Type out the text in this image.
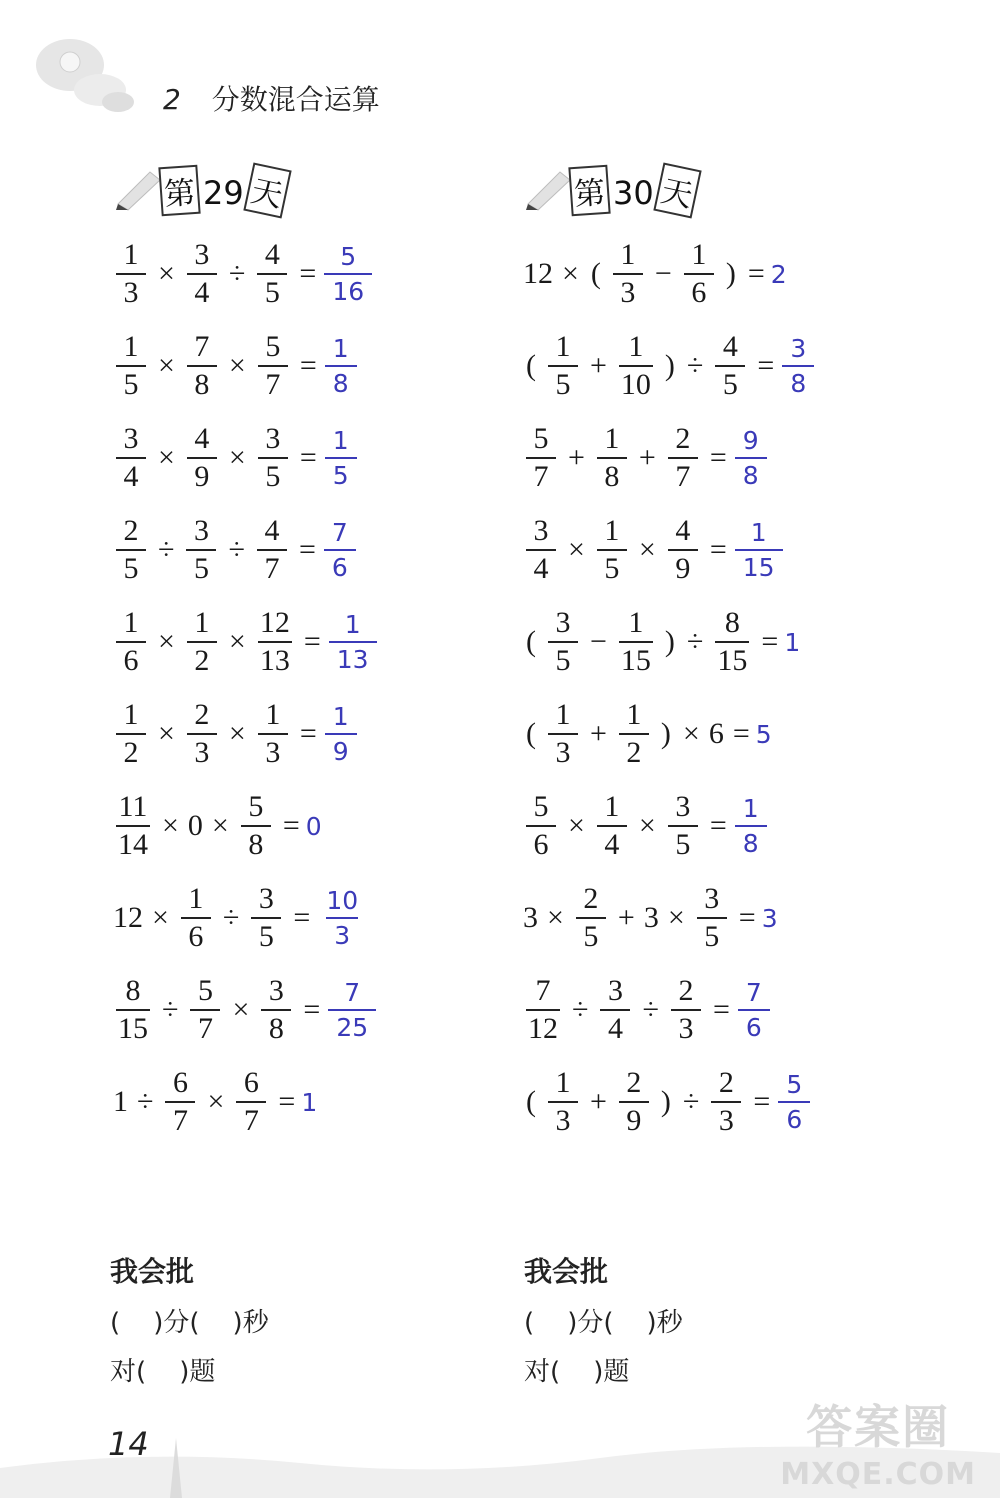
2 分数混合运算
第 29 天	第 30 天
$\frac{1}{3} \times \frac{3}{4} \div \frac{4}{5} = \frac{5}{16}$
$\frac{1}{5} \times \frac{7}{8} \times \frac{5}{7} = \frac{1}{8}$
$\frac{3}{4} \times \frac{4}{9} \times \frac{3}{5} = \frac{1}{5}$
$\frac{2}{5} \div \frac{3}{5} \div \frac{4}{7} = \frac{7}{6}$
$\frac{1}{6} \times \frac{1}{2} \times \frac{12}{13} = \frac{1}{13}$
$\frac{1}{2} \times \frac{2}{3} \times \frac{1}{3} = \frac{1}{9}$
$\frac{11}{14} \times 0 \times \frac{5}{8} = 0$
$12 \times \frac{1}{6} \div \frac{3}{5} = \frac{10}{3}$
$\frac{8}{15} \div \frac{5}{7} \times \frac{3}{8} = \frac{7}{25}$
$1 \div \frac{6}{7} \times \frac{6}{7} = 1$
12 × ( $\frac{1}{3} - \frac{1}{6}$ ) = 2
( $\frac{1}{5} + \frac{1}{10}$ ) ÷ $\frac{4}{5} = \frac{3}{8}$
$\frac{5}{7} + \frac{1}{8} + \frac{2}{7} = \frac{9}{8}$
$\frac{3}{4} \times \frac{1}{5} \times \frac{4}{9} = \frac{1}{15}$
( $\frac{3}{5} - \frac{1}{15}$ ) ÷ $\frac{8}{15} = 1$
( $\frac{1}{3} + \frac{1}{2}$ ) × 6 = 5
$\frac{5}{6} \times \frac{1}{4} \times \frac{3}{5} = \frac{1}{8}$
$3 \times \frac{2}{5} + 3 \times \frac{3}{5} = 3$
$\frac{7}{12} \div \frac{3}{4} \div \frac{2}{3} = \frac{7}{6}$
( $\frac{1}{3} + \frac{2}{9}$ ) ÷ $\frac{2}{3} = \frac{5}{6}$
我会批
(    )分(    )秒
对(    )题
我会批
(    )分(    )秒
对(    )题
14	答案圈
MXQE.COM
